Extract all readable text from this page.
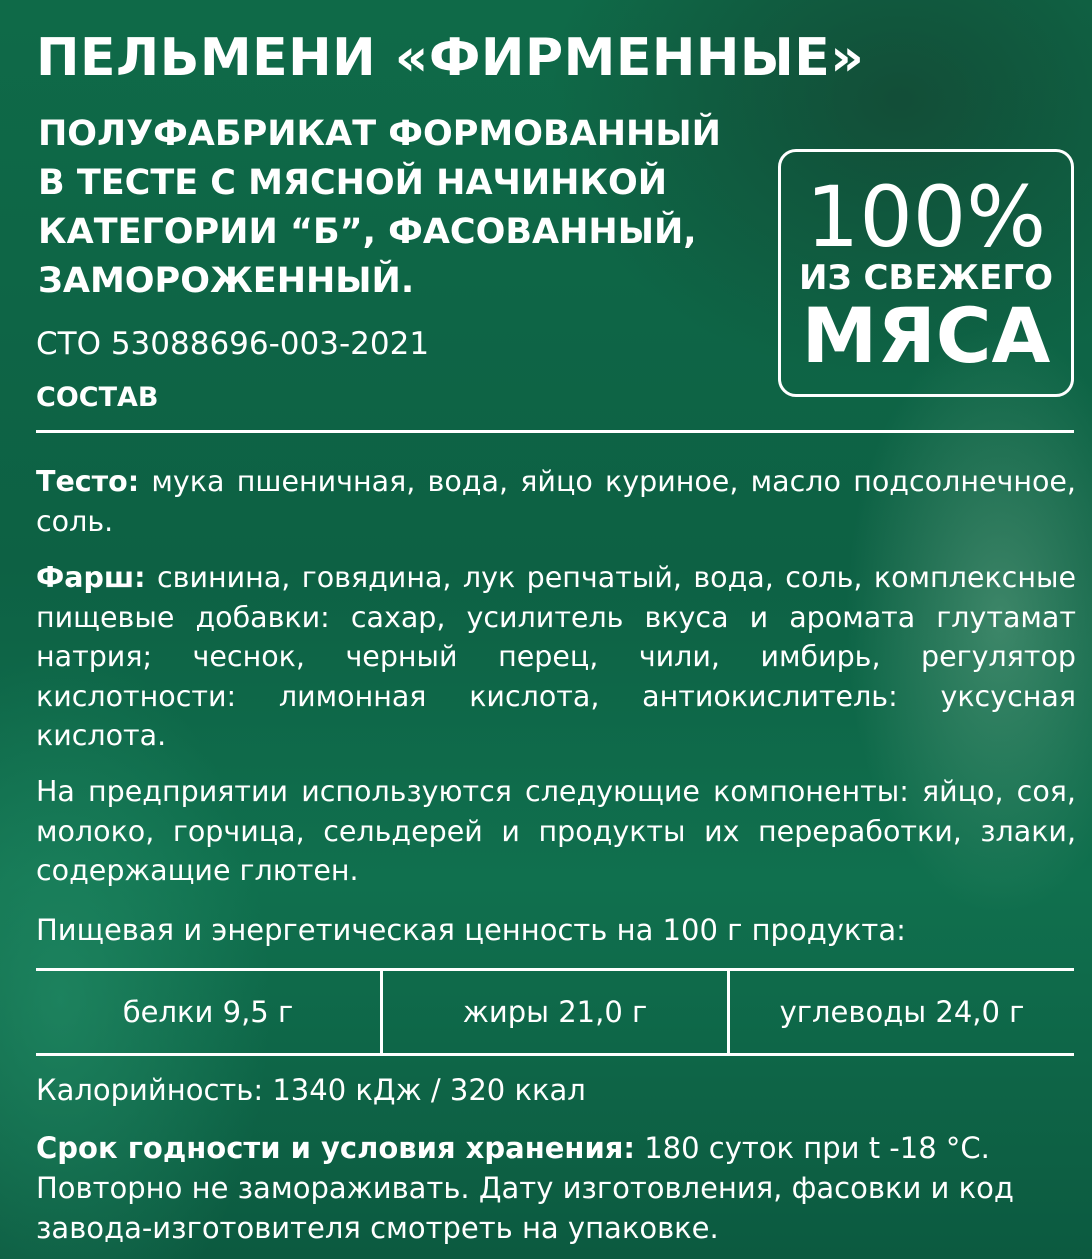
ПЕЛЬМЕНИ «ФИРМЕННЫЕ»
ПОЛУФАБРИКАТ ФОРМОВАННЫЙ В ТЕСТЕ С МЯСНОЙ НАЧИНКОЙ КАТЕГОРИИ “Б”, ФАСОВАННЫЙ, ЗАМОРОЖЕННЫЙ.
100%
ИЗ СВЕЖЕГО
МЯСА
СТО 53088696-003-2021
СОСТАВ
Тесто: мука пшеничная, вода, яйцо куриное, масло подсолнечное, соль.
Фарш: свинина, говядина, лук репчатый, вода, соль, комплексные пищевые добавки: сахар, усилитель вкуса и аромата глутамат натрия; чеснок, черный перец, чили, имбирь, регулятор кислотности: лимонная кислота, антиокислитель: уксусная кислота.
На предприятии используются следующие компоненты: яйцо, соя, молоко, горчица, сельдерей и продукты их переработки, злаки, содержащие глютен.
Пищевая и энергетическая ценность на 100 г продукта:
белки 9,5 г	жиры 21,0 г	углеводы 24,0 г
Калорийность: 1340 кДж / 320 ккал
Срок годности и условия хранения: 180 суток при t -18 °C. Повторно не замораживать. Дату изготовления, фасовки и код завода-изготовителя смотреть на упаковке.
